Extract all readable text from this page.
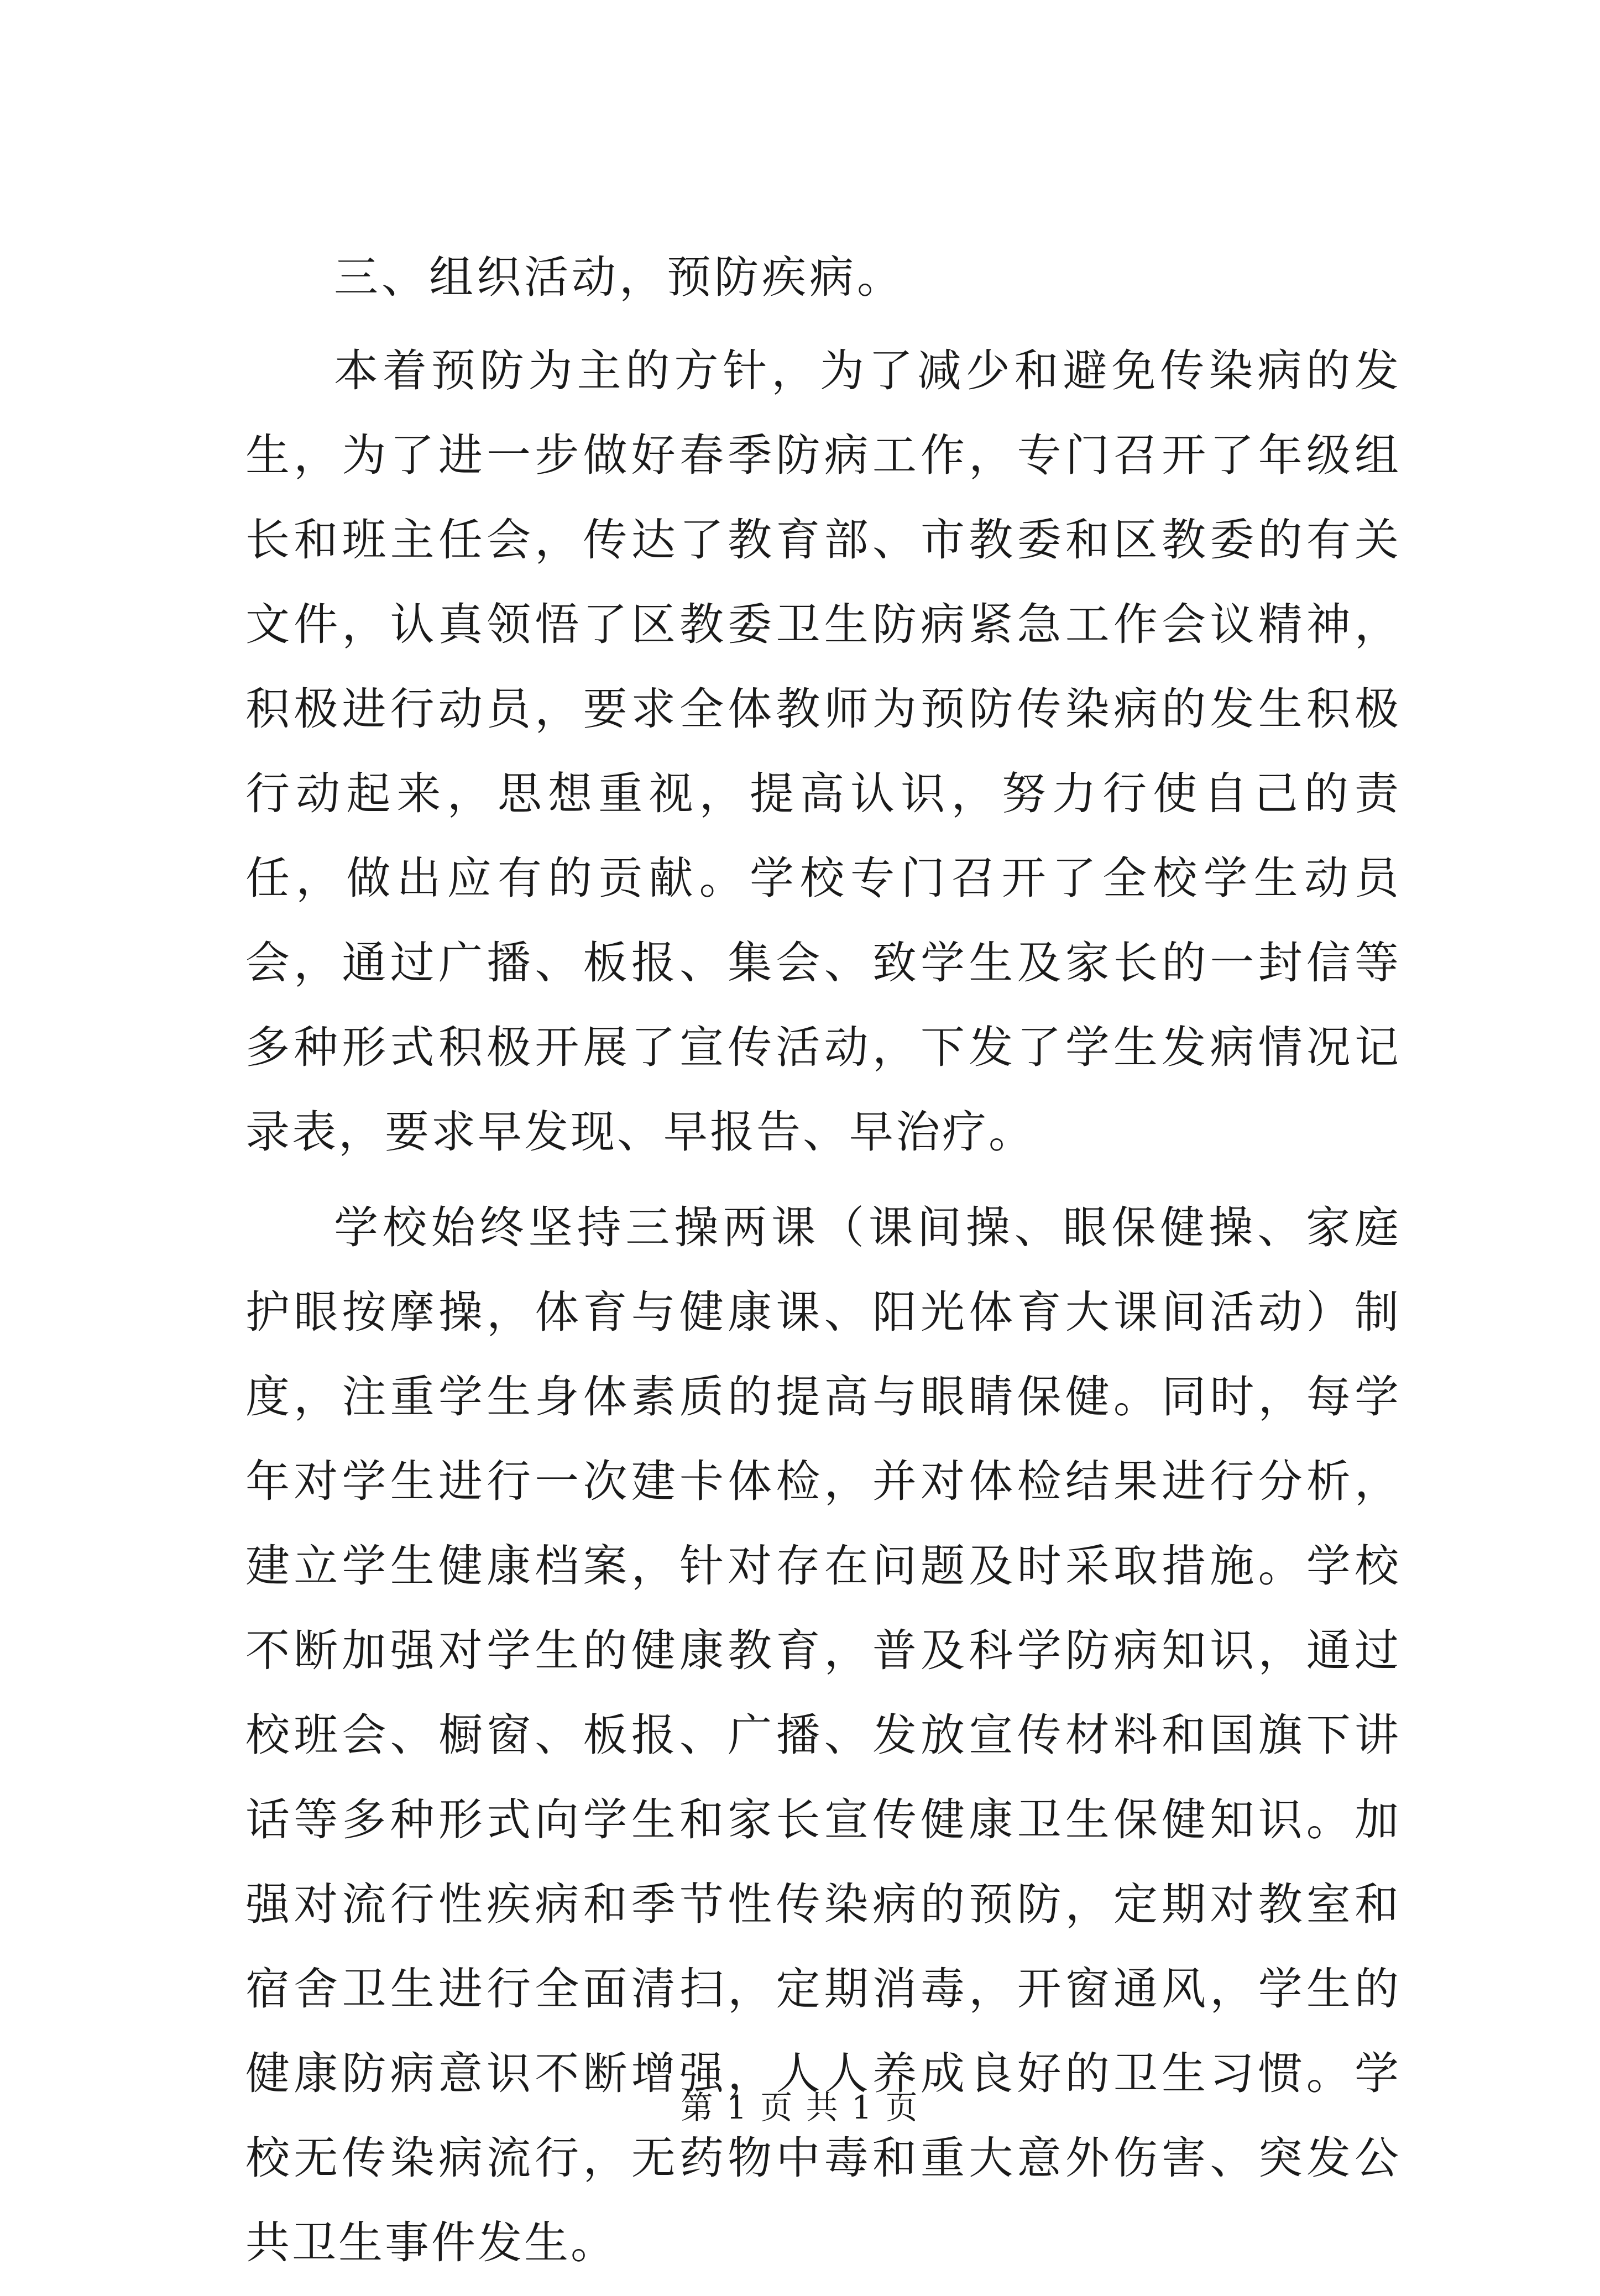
三、组织活动，预防疾病。

本着预防为主的方针，为了减少和避免传染病的发生，为了进一步做好春季防病工作，专门召开了年级组长和班主任会，传达了教育部、市教委和区教委的有关文件，认真领悟了区教委卫生防病紧急工作会议精神，积极进行动员，要求全体教师为预防传染病的发生积极行动起来，思想重视，提高认识，努力行使自己的责任，做出应有的贡献。学校专门召开了全校学生动员会，通过广播、板报、集会、致学生及家长的一封信等多种形式积极开展了宣传活动，下发了学生发病情况记录表，要求早发现、早报告、早治疗。

学校始终坚持三操两课（课间操、眼保健操、家庭护眼按摩操，体育与健康课、阳光体育大课间活动）制度，注重学生身体素质的提高与眼睛保健。同时，每学年对学生进行一次建卡体检，并对体检结果进行分析，建立学生健康档案，针对存在问题及时采取措施。学校不断加强对学生的健康教育，普及科学防病知识，通过校班会、橱窗、板报、广播、发放宣传材料和国旗下讲话等多种形式向学生和家长宣传健康卫生保健知识。加强对流行性疾病和季节性传染病的预防，定期对教室和宿舍卫生进行全面清扫，定期消毒，开窗通风，学生的健康防病意识不断增强，人人养成良好的卫生习惯。学校无传染病流行，无药物中毒和重大意外伤害、突发公共卫生事件发生。

第 1 页 共 1 页
